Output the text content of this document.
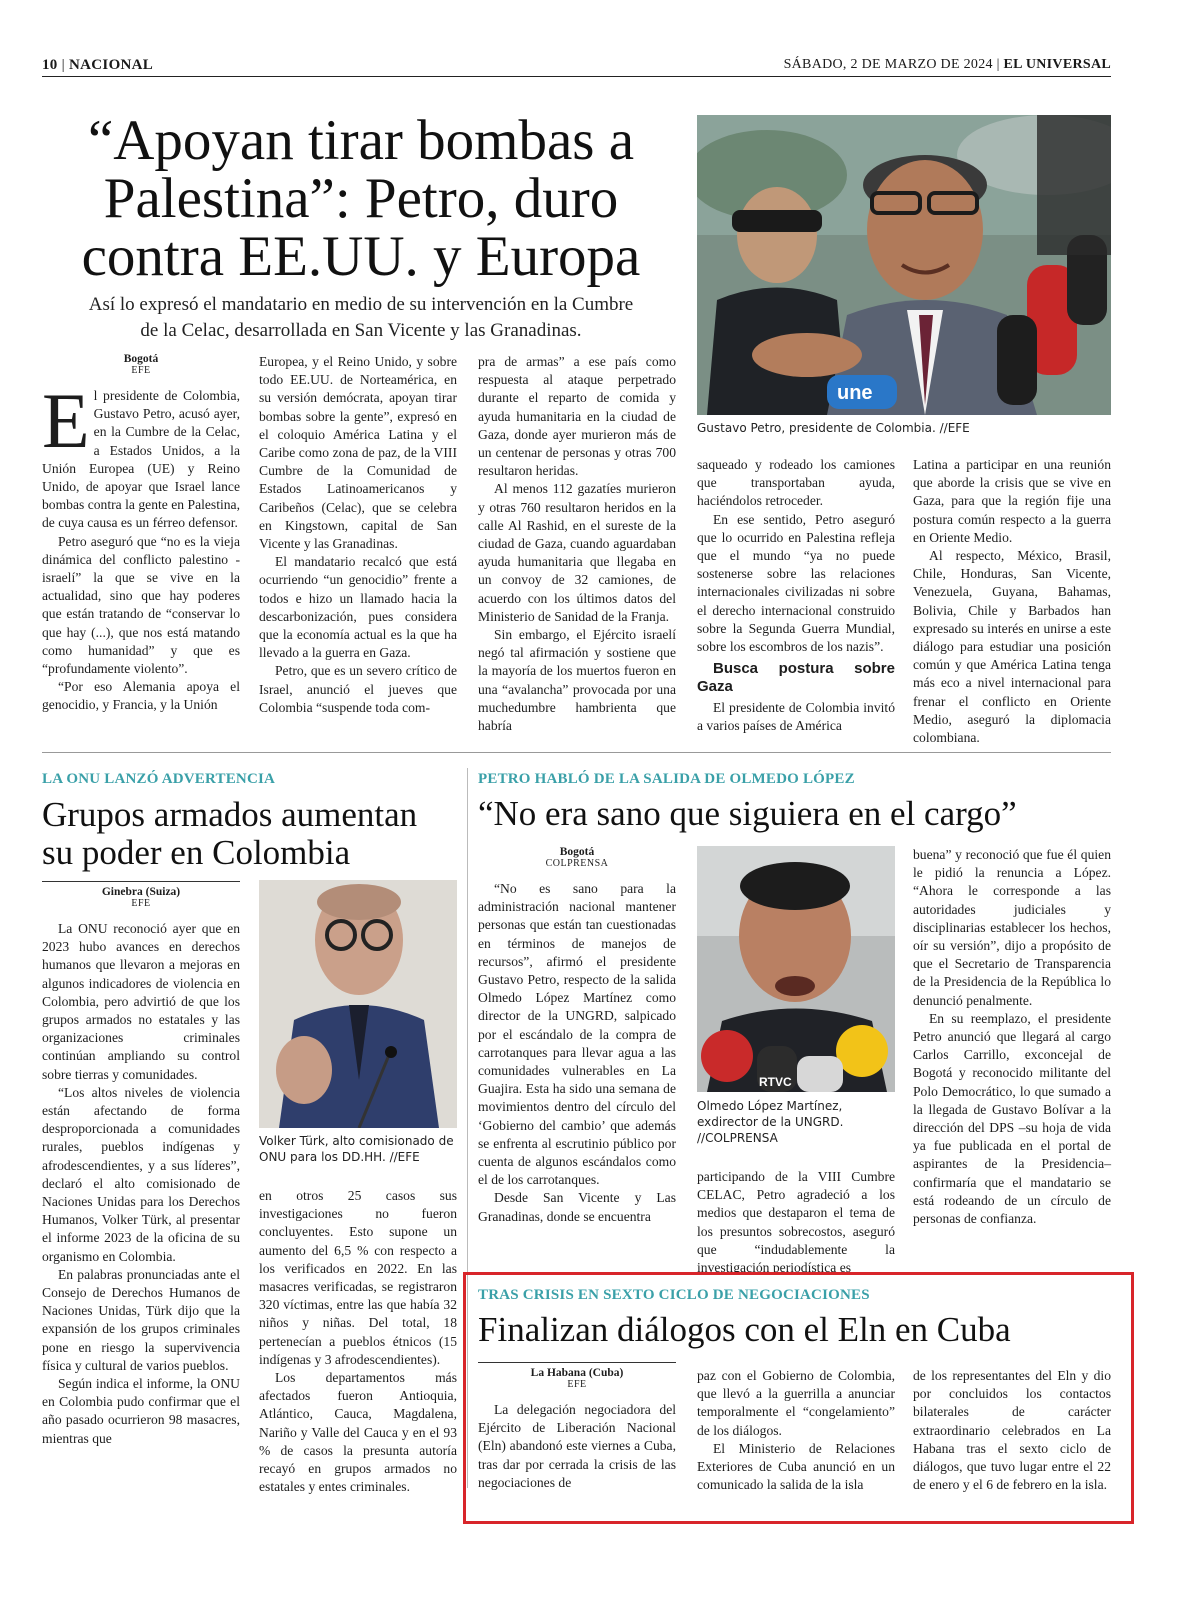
10 | NACIONAL	SÁBADO, 2 DE MARZO DE 2024 | EL UNIVERSAL
“Apoyan tirar bombas a
Palestina”: Petro, duro
contra EE.UU. y Europa
Así lo expresó el mandatario en medio de su intervención en la Cumbre
de la Celac, desarrollada en San Vicente y las Granadinas.
une
Gustavo Petro, presidente de Colombia. //EFE
Bogotá
EFE

El presidente de Colombia, Gustavo Petro, acusó ayer, en la Cumbre de la Celac, a Estados Unidos, a la Unión Europea (UE) y Reino Unido, de apoyar que Israel lance bombas contra la gente en Palestina, de cuya causa es un férreo defensor.

Petro aseguró que “no es la vieja dinámica del conflicto palestino - israelí” la que se vive en la actualidad, sino que hay poderes que están tratando de “conservar lo que hay (...), que nos está matando como humanidad” y que es “profundamente violento”.

“Por eso Alemania apoya el genocidio, y Francia, y la Unión

Europea, y el Reino Unido, y sobre todo EE.UU. de Norteamérica, en su versión demócrata, apoyan tirar bombas sobre la gente”, expresó en el coloquio América Latina y el Caribe como zona de paz, de la VIII Cumbre de la Comunidad de Estados Latinoamericanos y Caribeños (Celac), que se celebra en Kingstown, capital de San Vicente y las Granadinas.

El mandatario recalcó que está ocurriendo “un genocidio” frente a todos e hizo un llamado hacia la descarbonización, pues considera que la economía actual es la que ha llevado a la guerra en Gaza.

Petro, que es un severo crítico de Israel, anunció el jueves que Colombia “suspende toda com-

pra de armas” a ese país como respuesta al ataque perpetrado durante el reparto de comida y ayuda humanitaria en la ciudad de Gaza, donde ayer murieron más de un centenar de personas y otras 700 resultaron heridas.

Al menos 112 gazatíes murieron y otras 760 resultaron heridos en la calle Al Rashid, en el sureste de la ciudad de Gaza, cuando aguardaban ayuda humanitaria que llegaba en un convoy de 32 camiones, de acuerdo con los últimos datos del Ministerio de Sanidad de la Franja.

Sin embargo, el Ejército israelí negó tal afirmación y sostiene que la mayoría de los muertos fueron en una “avalancha” provocada por una muchedumbre hambrienta que habría

saqueado y rodeado los camiones que transportaban ayuda, haciéndolos retroceder.

En ese sentido, Petro aseguró que lo ocurrido en Palestina refleja que el mundo “ya no puede sostenerse sobre las relaciones internacionales civilizadas ni sobre el derecho internacional construido sobre la Segunda Guerra Mundial, sobre los escombros de los nazis”.

Busca postura sobre Gaza

El presidente de Colombia invitó a varios países de América

Latina a participar en una reunión que aborde la crisis que se vive en Gaza, para que la región fije una postura común respecto a la guerra en Oriente Medio.

Al respecto, México, Brasil, Chile, Honduras, San Vicente, Venezuela, Guyana, Bahamas, Bolivia, Chile y Barbados han expresado su interés en unirse a este diálogo para estudiar una posición común y que América Latina tenga más eco a nivel internacional para frenar el conflicto en Oriente Medio, aseguró la diplomacia colombiana.

LA ONU LANZÓ ADVERTENCIA
Grupos armados aumentan
su poder en Colombia
Volker Türk, alto comisionado de ONU para los DD.HH. //EFE
Ginebra (Suiza)
EFE

La ONU reconoció ayer que en 2023 hubo avances en derechos humanos que llevaron a mejoras en algunos indicadores de violencia en Colombia, pero advirtió de que los grupos armados no estatales y las organizaciones criminales continúan ampliando su control sobre tierras y comunidades.

“Los altos niveles de violencia están afectando de forma desproporcionada a comunidades rurales, pueblos indígenas y afrodescendientes, y a sus líderes”, declaró el alto comisionado de Naciones Unidas para los Derechos Humanos, Volker Türk, al presentar el informe 2023 de la oficina de su organismo en Colombia.

En palabras pronunciadas ante el Consejo de Derechos Humanos de Naciones Unidas, Türk dijo que la expansión de los grupos criminales pone en riesgo la supervivencia física y cultural de varios pueblos.

Según indica el informe, la ONU en Colombia pudo confirmar que el año pasado ocurrieron 98 masacres, mientras que

en otros 25 casos sus investigaciones no fueron concluyentes. Esto supone un aumento del 6,5 % con respecto a los verificados en 2022. En las masacres verificadas, se registraron 320 víctimas, entre las que había 32 niños y niñas. Del total, 18 pertenecían a pueblos étnicos (15 indígenas y 3 afrodescendientes).

Los departamentos más afectados fueron Antioquia, Atlántico, Cauca, Magdalena, Nariño y Valle del Cauca y en el 93 % de casos la presunta autoría recayó en grupos armados no estatales y entes criminales.

PETRO HABLÓ DE LA SALIDA DE OLMEDO LÓPEZ
“No era sano que siguiera en el cargo”
Bogotá
COLPRENSA

“No es sano para la administración nacional mantener personas que están tan cuestionadas en términos de manejos de recursos”, afirmó el presidente Gustavo Petro, respecto de la salida Olmedo López Martínez como director de la UNGRD, salpicado por el escándalo de la compra de carrotanques para llevar agua a las comunidades vulnerables en La Guajira. Esta ha sido una semana de movimientos dentro del círculo del ‘Gobierno del cambio’ que además se enfrenta al escrutinio público por cuenta de algunos escándalos como el de los carrotanques.

Desde San Vicente y Las Granadinas, donde se encuentra

RTVC
Olmedo López Martínez, exdirector de la UNGRD. //COLPRENSA

participando de la VIII Cumbre CELAC, Petro agradeció a los medios que destaparon el tema de los presuntos sobrecostos, aseguró que “indudablemente la investigación periodística es

buena” y reconoció que fue él quien le pidió la renuncia a López. “Ahora le corresponde a las autoridades judiciales y disciplinarias establecer los hechos, oír su versión”, dijo a propósito de que el Secretario de Transparencia de la Presidencia de la República lo denunció penalmente.

En su reemplazo, el presidente Petro anunció que llegará al cargo Carlos Carrillo, exconcejal de Bogotá y reconocido militante del Polo Democrático, lo que sumado a la llegada de Gustavo Bolívar a la dirección del DPS –su hoja de vida ya fue publicada en el portal de aspirantes de la Presidencia– confirmaría que el mandatario se está rodeando de un círculo de personas de confianza.

TRAS CRISIS EN SEXTO CICLO DE NEGOCIACIONES
Finalizan diálogos con el Eln en Cuba
La Habana (Cuba)
EFE

La delegación negociadora del Ejército de Liberación Nacional (Eln) abandonó este viernes a Cuba, tras dar por cerrada la crisis de las negociaciones de

paz con el Gobierno de Colombia, que llevó a la guerrilla a anunciar temporalmente el “congelamiento” de los diálogos.

El Ministerio de Relaciones Exteriores de Cuba anunció en un comunicado la salida de la isla

de los representantes del Eln y dio por concluidos los contactos bilaterales de carácter extraordinario celebrados en La Habana tras el sexto ciclo de diálogos, que tuvo lugar entre el 22 de enero y el 6 de febrero en la isla.
